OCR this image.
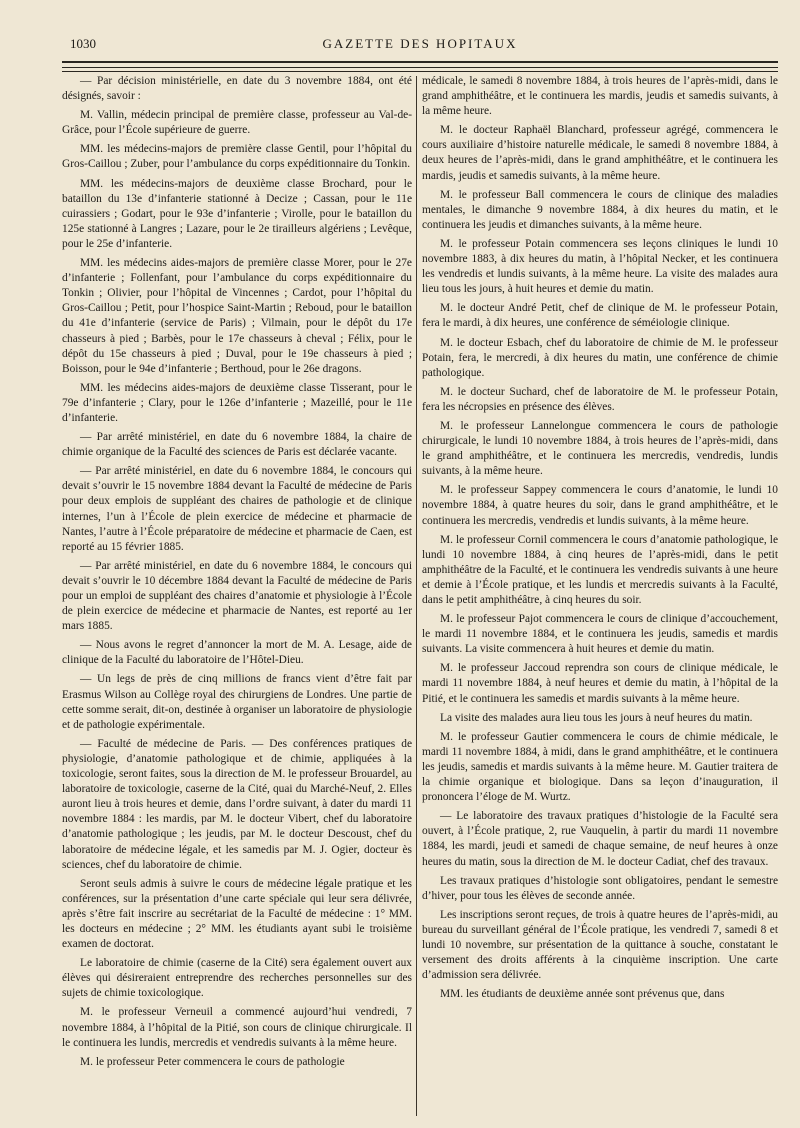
1030	GAZETTE DES HOPITAUX

— Par décision ministérielle, en date du 3 novembre 1884, ont été désignés, savoir :

M. Vallin, médecin principal de première classe, professeur au Val-de-Grâce, pour l’École supérieure de guerre.

MM. les médecins-majors de première classe Gentil, pour l’hôpital du Gros-Caillou ; Zuber, pour l’ambulance du corps expéditionnaire du Tonkin.

MM. les médecins-majors de deuxième classe Brochard, pour le bataillon du 13e d’infanterie stationné à Decize ; Cassan, pour le 11e cuirassiers ; Godart, pour le 93e d’infanterie ; Virolle, pour le bataillon du 125e stationné à Langres ; Lazare, pour le 2e tirailleurs algériens ; Levêque, pour le 25e d’infanterie.

MM. les médecins aides-majors de première classe Morer, pour le 27e d’infanterie ; Follenfant, pour l’ambulance du corps expéditionnaire du Tonkin ; Olivier, pour l’hôpital de Vincennes ; Cardot, pour l’hôpital du Gros-Caillou ; Petit, pour l’hospice Saint-Martin ; Reboud, pour le bataillon du 41e d’infanterie (service de Paris) ; Vilmain, pour le dépôt du 17e chasseurs à pied ; Barbès, pour le 17e chasseurs à cheval ; Félix, pour le dépôt du 15e chasseurs à pied ; Duval, pour le 19e chasseurs à pied ; Boisson, pour le 94e d’infanterie ; Berthoud, pour le 26e dragons.

MM. les médecins aides-majors de deuxième classe Tisserant, pour le 79e d’infanterie ; Clary, pour le 126e d’infanterie ; Mazeillé, pour le 11e d’infanterie.

— Par arrêté ministériel, en date du 6 novembre 1884, la chaire de chimie organique de la Faculté des sciences de Paris est déclarée vacante.

— Par arrêté ministériel, en date du 6 novembre 1884, le concours qui devait s’ouvrir le 15 novembre 1884 devant la Faculté de médecine de Paris pour deux emplois de suppléant des chaires de pathologie et de clinique internes, l’un à l’École de plein exercice de médecine et pharmacie de Nantes, l’autre à l’École préparatoire de médecine et pharmacie de Caen, est reporté au 15 février 1885.

— Par arrêté ministériel, en date du 6 novembre 1884, le concours qui devait s’ouvrir le 10 décembre 1884 devant la Faculté de médecine de Paris pour un emploi de suppléant des chaires d’anatomie et physiologie à l’École de plein exercice de médecine et pharmacie de Nantes, est reporté au 1er mars 1885.

— Nous avons le regret d’annoncer la mort de M. A. Lesage, aide de clinique de la Faculté du laboratoire de l’Hôtel-Dieu.

— Un legs de près de cinq millions de francs vient d’être fait par Erasmus Wilson au Collège royal des chirurgiens de Londres. Une partie de cette somme serait, dit-on, destinée à organiser un laboratoire de physiologie et de pathologie expérimentale.

— Faculté de médecine de Paris. — Des conférences pratiques de physiologie, d’anatomie pathologique et de chimie, appliquées à la toxicologie, seront faites, sous la direction de M. le professeur Brouardel, au laboratoire de toxicologie, caserne de la Cité, quai du Marché-Neuf, 2. Elles auront lieu à trois heures et demie, dans l’ordre suivant, à dater du mardi 11 novembre 1884 : les mardis, par M. le docteur Vibert, chef du laboratoire d’anatomie pathologique ; les jeudis, par M. le docteur Descoust, chef du laboratoire de médecine légale, et les samedis par M. J. Ogier, docteur ès sciences, chef du laboratoire de chimie.

Seront seuls admis à suivre le cours de médecine légale pratique et les conférences, sur la présentation d’une carte spéciale qui leur sera délivrée, après s’être fait inscrire au secrétariat de la Faculté de médecine : 1° MM. les docteurs en médecine ; 2° MM. les étudiants ayant subi le troisième examen de doctorat.

Le laboratoire de chimie (caserne de la Cité) sera également ouvert aux élèves qui désireraient entreprendre des recherches personnelles sur des sujets de chimie toxicologique.

M. le professeur Verneuil a commencé aujourd’hui vendredi, 7 novembre 1884, à l’hôpital de la Pitié, son cours de clinique chirurgicale. Il le continuera les lundis, mercredis et vendredis suivants à la même heure.

M. le professeur Peter commencera le cours de pathologie

médicale, le samedi 8 novembre 1884, à trois heures de l’après-midi, dans le grand amphithéâtre, et le continuera les mardis, jeudis et samedis suivants, à la même heure.

M. le docteur Raphaël Blanchard, professeur agrégé, commencera le cours auxiliaire d’histoire naturelle médicale, le samedi 8 novembre 1884, à deux heures de l’après-midi, dans le grand amphithéâtre, et le continuera les mardis, jeudis et samedis suivants, à la même heure.

M. le professeur Ball commencera le cours de clinique des maladies mentales, le dimanche 9 novembre 1884, à dix heures du matin, et le continuera les jeudis et dimanches suivants, à la même heure.

M. le professeur Potain commencera ses leçons cliniques le lundi 10 novembre 1883, à dix heures du matin, à l’hôpital Necker, et les continuera les vendredis et lundis suivants, à la même heure. La visite des malades aura lieu tous les jours, à huit heures et demie du matin.

M. le docteur André Petit, chef de clinique de M. le professeur Potain, fera le mardi, à dix heures, une conférence de séméiologie clinique.

M. le docteur Esbach, chef du laboratoire de chimie de M. le professeur Potain, fera, le mercredi, à dix heures du matin, une conférence de chimie pathologique.

M. le docteur Suchard, chef de laboratoire de M. le professeur Potain, fera les nécropsies en présence des élèves.

M. le professeur Lannelongue commencera le cours de pathologie chirurgicale, le lundi 10 novembre 1884, à trois heures de l’après-midi, dans le grand amphithéâtre, et le continuera les mercredis, vendredis, lundis suivants, à la même heure.

M. le professeur Sappey commencera le cours d’anatomie, le lundi 10 novembre 1884, à quatre heures du soir, dans le grand amphithéâtre, et le continuera les mercredis, vendredis et lundis suivants, à la même heure.

M. le professeur Cornil commencera le cours d’anatomie pathologique, le lundi 10 novembre 1884, à cinq heures de l’après-midi, dans le petit amphithéâtre de la Faculté, et le continuera les vendredis suivants à une heure et demie à l’École pratique, et les lundis et mercredis suivants à la Faculté, dans le petit amphithéâtre, à cinq heures du soir.

M. le professeur Pajot commencera le cours de clinique d’accouchement, le mardi 11 novembre 1884, et le continuera les jeudis, samedis et mardis suivants. La visite commencera à huit heures et demie du matin.

M. le professeur Jaccoud reprendra son cours de clinique médicale, le mardi 11 novembre 1884, à neuf heures et demie du matin, à l’hôpital de la Pitié, et le continuera les samedis et mardis suivants à la même heure.

La visite des malades aura lieu tous les jours à neuf heures du matin.

M. le professeur Gautier commencera le cours de chimie médicale, le mardi 11 novembre 1884, à midi, dans le grand amphithéâtre, et le continuera les jeudis, samedis et mardis suivants à la même heure. M. Gautier traitera de la chimie organique et biologique. Dans sa leçon d’inauguration, il prononcera l’éloge de M. Wurtz.

— Le laboratoire des travaux pratiques d’histologie de la Faculté sera ouvert, à l’École pratique, 2, rue Vauquelin, à partir du mardi 11 novembre 1884, les mardi, jeudi et samedi de chaque semaine, de neuf heures à onze heures du matin, sous la direction de M. le docteur Cadiat, chef des travaux.

Les travaux pratiques d’histologie sont obligatoires, pendant le semestre d’hiver, pour tous les élèves de seconde année.

Les inscriptions seront reçues, de trois à quatre heures de l’après-midi, au bureau du surveillant général de l’École pratique, les vendredi 7, samedi 8 et lundi 10 novembre, sur présentation de la quittance à souche, constatant le versement des droits afférents à la cinquième inscription. Une carte d’admission sera délivrée.

MM. les étudiants de deuxième année sont prévenus que, dans
